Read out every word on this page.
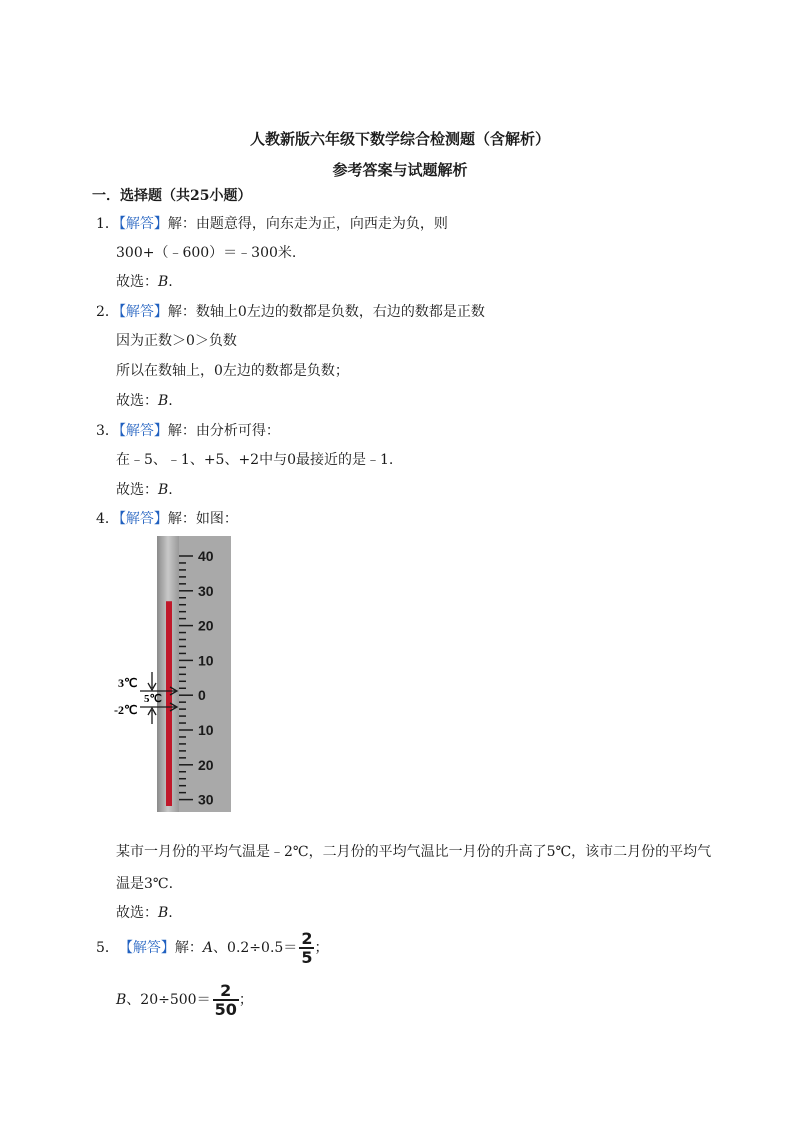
人教新版六年级下数学综合检测题（含解析）
参考答案与试题解析
一．选择题（共25小题）
1．【解答】解：由题意得，向东走为正，向西走为负，则
300+（﹣600）＝﹣300米.
故选：B.
2．【解答】解：数轴上0左边的数都是负数，右边的数都是正数
因为正数＞0＞负数
所以在数轴上，0左边的数都是负数；
故选：B.
3．【解答】解：由分析可得：
在﹣5、﹣1、+5、+2中与0最接近的是﹣1.
故选：B.
4．【解答】解：如图：
40
30
20
10
0
10
20
30
3℃
5℃
-2℃
某市一月份的平均气温是﹣2℃，二月份的平均气温比一月份的升高了5℃，该市二月份的平均气
温是3℃.
故选：B.
5． 【解答】 解： A 、$0.2\div 0.5= \frac{2}{5}$ ；
B 、$20\div 500= \frac{2}{50}$ ；
